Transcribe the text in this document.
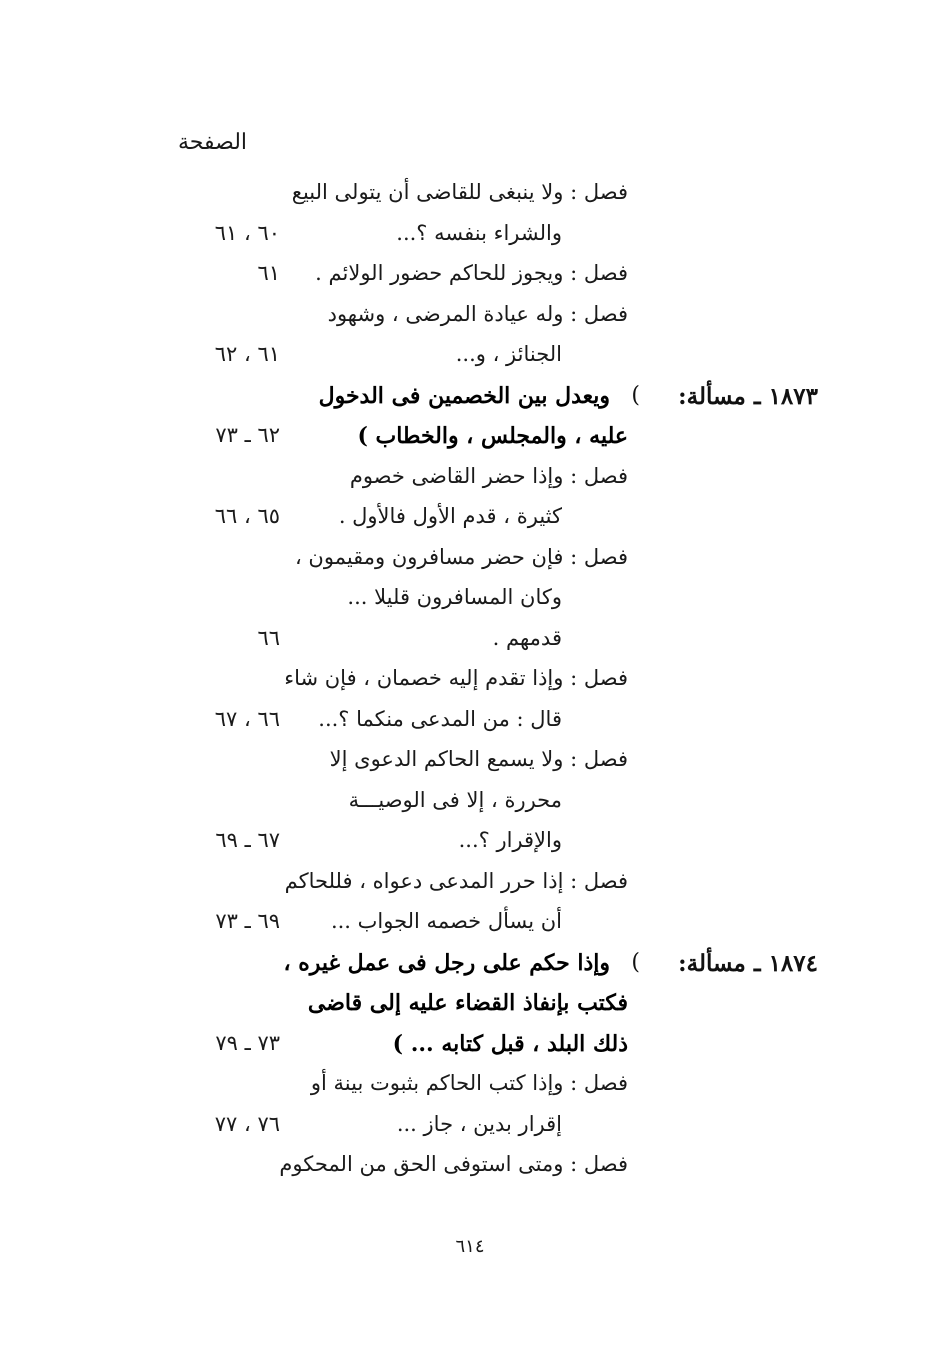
الصفحة
فصل : ولا ينبغى للقاضى أن يتولى البيع
والشراء بنفسه ؟...
٦٠ ، ٦١
فصل : ويجوز للحاكم حضور الولائم .
٦١
فصل : وله عيادة المرضى ، وشهود
الجنائز ، و...
٦١ ، ٦٢
١٨٧٣ ـ مسألة:
(
ويعدل بين الخصمين فى الدخول
عليه ، والمجلس ، والخطاب )
٦٢ ـ ٧٣
فصل : وإذا حضر القاضى خصوم
كثيرة ، قدم الأول فالأول .
٦٥ ، ٦٦
فصل : فإن حضر مسافرون ومقيمون ،
وكان المسافرون قليلا ...
قدمهم .
٦٦
فصل : وإذا تقدم إليه خصمان ، فإن شاء
قال : من المدعى منكما ؟...
٦٦ ، ٦٧
فصل : ولا يسمع الحاكم الدعوى إلا
محررة ، إلا فى الوصيـــة
والإقرار ؟...
٦٧ ـ ٦٩
فصل : إذا حرر المدعى دعواه ، فللحاكم
أن يسأل خصمه الجواب ...
٦٩ ـ ٧٣
١٨٧٤ ـ مسألة:
(
وإذا حكم على رجل فى عمل غيره ،
فكتب بإنفاذ القضاء عليه إلى قاضى
ذلك البلد ، قبل كتابه ... )
٧٣ ـ ٧٩
فصل : وإذا كتب الحاكم بثبوت بينة أو
إقرار بدين ، جاز ...
٧٦ ، ٧٧
فصل : ومتى استوفى الحق من المحكوم
٦١٤
